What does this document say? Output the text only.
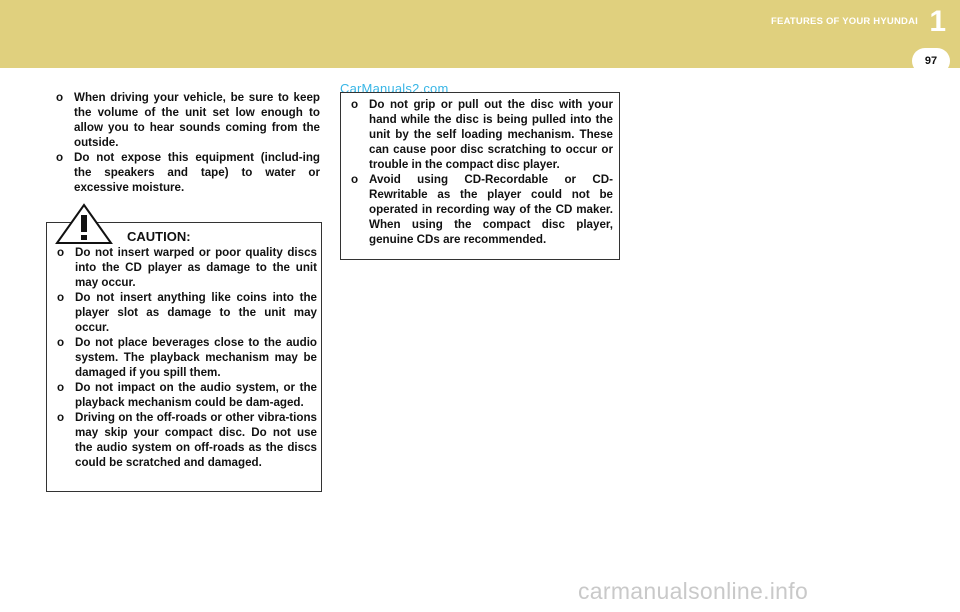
FEATURES OF YOUR HYUNDAI 1
97
CarManuals2.com
o When driving your vehicle, be sure to keep the volume of the unit set low enough to allow you to hear sounds coming from the outside.
o Do not expose this equipment (includ-ing the speakers and tape) to water or excessive moisture.
CAUTION:
o Do not insert warped or poor quality discs into the CD player as damage to the unit may occur.
o Do not insert anything like coins into the player slot as damage to the unit may occur.
o Do not place beverages close to the audio system. The playback mechanism may be damaged if you spill them.
o Do not impact on the audio system, or the playback mechanism could be dam-aged.
o Driving on the off-roads or other vibra-tions may skip your compact disc. Do not use the audio system on off-roads as the discs could be scratched and damaged.
o Do not grip or pull out the disc with your hand while the disc is being pulled into the unit by the self loading mechanism. These can cause poor disc scratching to occur or trouble in the compact disc player.
o Avoid using CD-Recordable or CD-Rewritable as the player could not be operated in recording way of the CD maker. When using the compact disc player, genuine CDs are recommended.
carmanualsonline.info
